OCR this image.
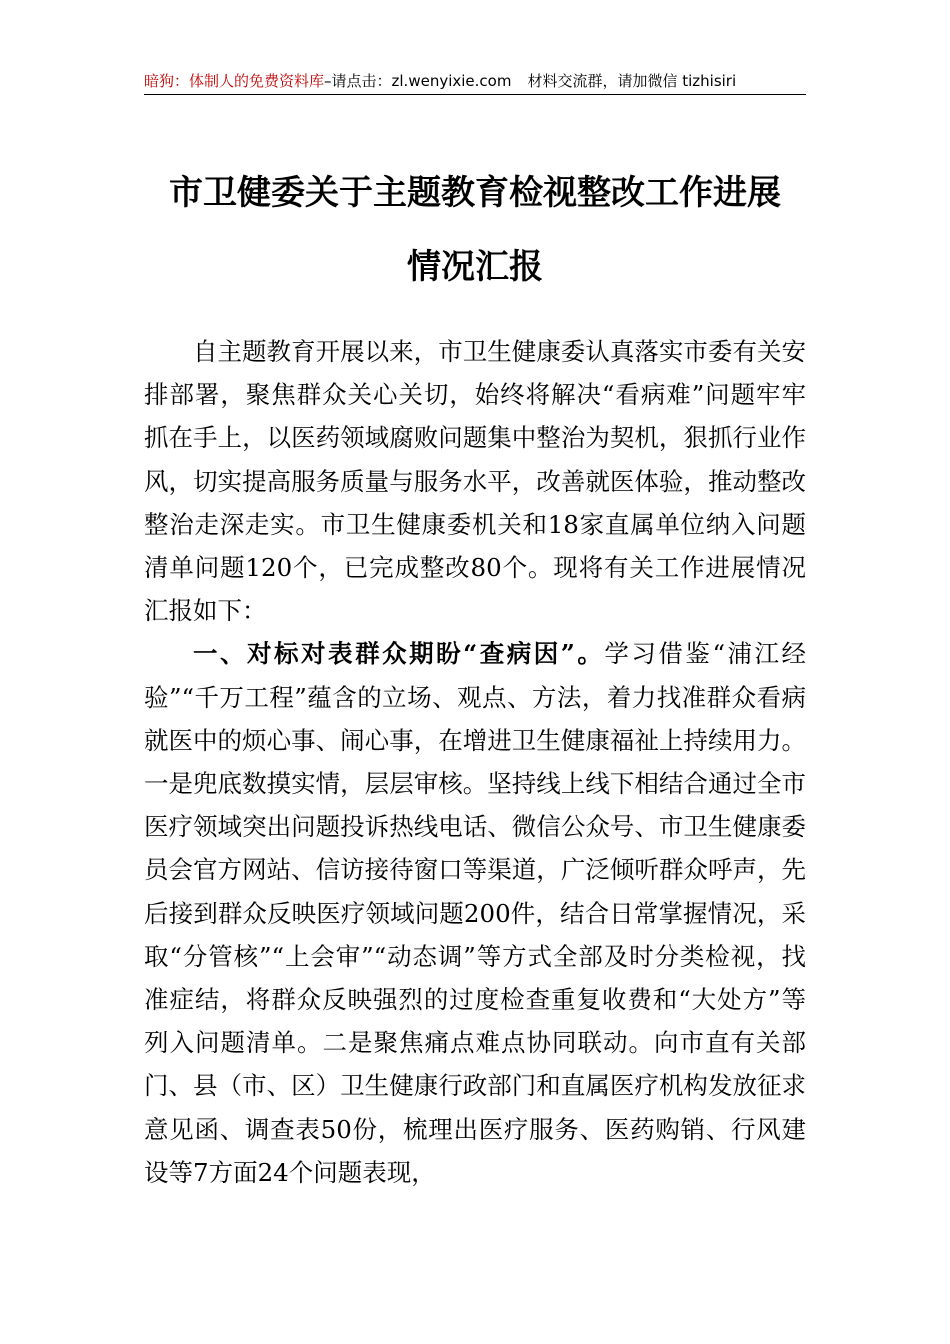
暗狗：体制人的免费资料库–请点击：zl.wenyixie.com 材料交流群，请加微信 tizhisiri
市卫健委关于主题教育检视整改工作进展
情况汇报

自主题教育开展以来，市卫生健康委认真落实市委有关安排部署，聚焦群众关心关切，始终将解决“看病难”问题牢牢抓在手上，以医药领域腐败问题集中整治为契机，狠抓行业作风，切实提高服务质量与服务水平，改善就医体验，推动整改整治走深走实。市卫生健康委机关和18家直属单位纳入问题清单问题120个，已完成整改80个。现将有关工作进展情况汇报如下：

一、对标对表群众期盼“查病因”。学习借鉴“浦江经验”“千万工程”蕴含的立场、观点、方法，着力找准群众看病就医中的烦心事、闹心事，在增进卫生健康福祉上持续用力。一是兜底数摸实情，层层审核。坚持线上线下相结合通过全市医疗领域突出问题投诉热线电话、微信公众号、市卫生健康委员会官方网站、信访接待窗口等渠道，广泛倾听群众呼声，先后接到群众反映医疗领域问题200件，结合日常掌握情况，采取“分管核”“上会审”“动态调”等方式全部及时分类检视，找准症结，将群众反映强烈的过度检查重复收费和“大处方”等列入问题清单。二是聚焦痛点难点协同联动。向市直有关部门、县（市、区）卫生健康行政部门和直属医疗机构发放征求意见函、调查表50份，梳理出医疗服务、医药购销、行风建设等7方面24个问题表现，
